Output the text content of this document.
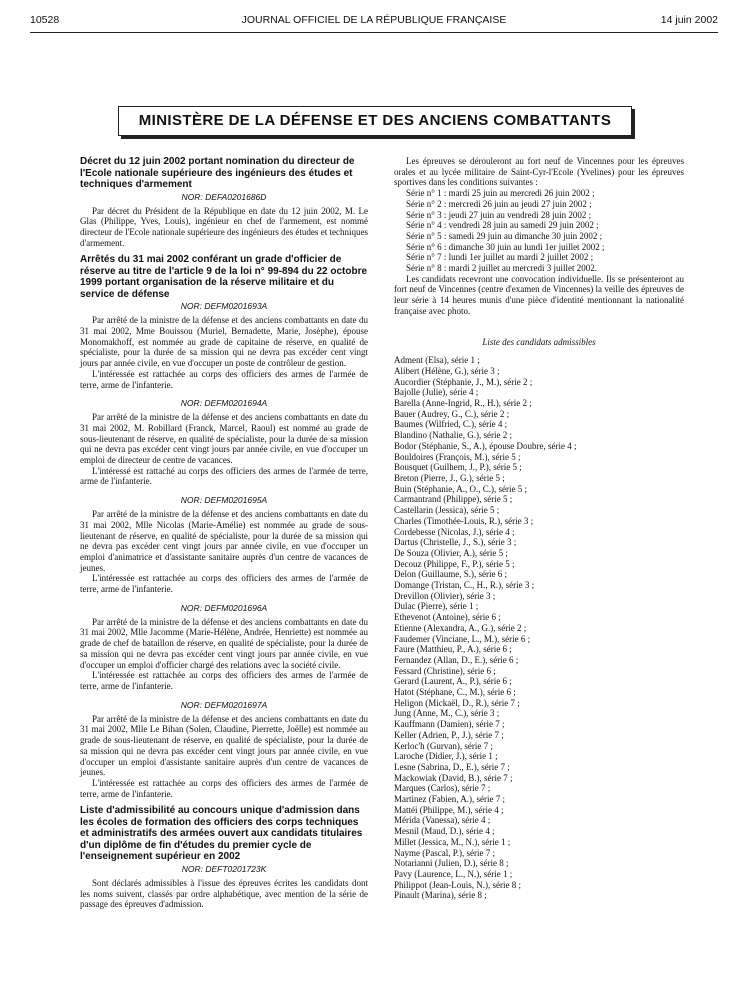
10528	JOURNAL OFFICIEL DE LA RÉPUBLIQUE FRANÇAISE	14 juin 2002
MINISTÈRE DE LA DÉFENSE ET DES ANCIENS COMBATTANTS
Décret du 12 juin 2002 portant nomination du directeur de l'Ecole nationale supérieure des ingénieurs des études et techniques d'armement
NOR: DEFA0201686D

Par décret du Président de la République en date du 12 juin 2002, M. Le Glas (Philippe, Yves, Louis), ingénieur en chef de l'armement, est nommé directeur de l'Ecole nationale supérieure des ingénieurs des études et techniques d'armement.

Arrêtés du 31 mai 2002 conférant un grade d'officier de réserve au titre de l'article 9 de la loi n° 99-894 du 22 octobre 1999 portant organisation de la réserve militaire et du service de défense
NOR: DEFM0201693A

Par arrêté de la ministre de la défense et des anciens combattants en date du 31 mai 2002, Mme Bouissou (Muriel, Bernadette, Marie, Josèphe), épouse Monomakhoff, est nommée au grade de capitaine de réserve, en qualité de spécialiste, pour la durée de sa mission qui ne devra pas excéder cent vingt jours par année civile, en vue d'occuper un poste de contrôleur de gestion.

L'intéressée est rattachée au corps des officiers des armes de l'armée de terre, arme de l'infanterie.

NOR: DEFM0201694A

Par arrêté de la ministre de la défense et des anciens combattants en date du 31 mai 2002, M. Robillard (Franck, Marcel, Raoul) est nommé au grade de sous-lieutenant de réserve, en qualité de spécialiste, pour la durée de sa mission qui ne devra pas excéder cent vingt jours par année civile, en vue d'occuper un emploi de directeur de centre de vacances.

L'intéressé est rattaché au corps des officiers des armes de l'armée de terre, arme de l'infanterie.

NOR: DEFM0201695A

Par arrêté de la ministre de la défense et des anciens combattants en date du 31 mai 2002, Mlle Nicolas (Marie-Amélie) est nommée au grade de sous-lieutenant de réserve, en qualité de spécialiste, pour la durée de sa mission qui ne devra pas excéder cent vingt jours par année civile, en vue d'occuper un emploi d'animatrice et d'assistante sanitaire auprès d'un centre de vacances de jeunes.

L'intéressée est rattachée au corps des officiers des armes de l'armée de terre, arme de l'infanterie.

NOR: DEFM0201696A

Par arrêté de la ministre de la défense et des anciens combattants en date du 31 mai 2002, Mlle Jacomme (Marie-Hélène, Andrée, Henriette) est nommée au grade de chef de bataillon de réserve, en qualité de spécialiste, pour la durée de sa mission qui ne devra pas excéder cent vingt jours par année civile, en vue d'occuper un emploi d'officier chargé des relations avec la société civile.

L'intéressée est rattachée au corps des officiers des armes de l'armée de terre, arme de l'infanterie.

NOR: DEFM0201697A

Par arrêté de la ministre de la défense et des anciens combattants en date du 31 mai 2002, Mlle Le Bihan (Solen, Claudine, Pierrette, Joëlle) est nommée au grade de sous-lieutenant de réserve, en qualité de spécialiste, pour la durée de sa mission qui ne devra pas excéder cent vingt jours par année civile, en vue d'occuper un emploi d'assistante sanitaire auprès d'un centre de vacances de jeunes.

L'intéressée est rattachée au corps des officiers des armes de l'armée de terre, arme de l'infanterie.

Liste d'admissibilité au concours unique d'admission dans les écoles de formation des officiers des corps techniques et administratifs des armées ouvert aux candidats titulaires d'un diplôme de fin d'études du premier cycle de l'enseignement supérieur en 2002
NOR: DEFT0201723K

Sont déclarés admissibles à l'issue des épreuves écrites les candidats dont les noms suivent, classés par ordre alphabétique, avec mention de la série de passage des épreuves d'admission.

Les épreuves se dérouleront au fort neuf de Vincennes pour les épreuves orales et au lycée militaire de Saint-Cyr-l'Ecole (Yvelines) pour les épreuves sportives dans les conditions suivantes :

Série n° 1 : mardi 25 juin au mercredi 26 juin 2002 ;

Série n° 2 : mercredi 26 juin au jeudi 27 juin 2002 ;

Série n° 3 : jeudi 27 juin au vendredi 28 juin 2002 ;

Série n° 4 : vendredi 28 juin au samedi 29 juin 2002 ;

Série n° 5 : samedi 29 juin au dimanche 30 juin 2002 ;

Série n° 6 : dimanche 30 juin au lundi 1er juillet 2002 ;

Série n° 7 : lundi 1er juillet au mardi 2 juillet 2002 ;

Série n° 8 : mardi 2 juillet au mercredi 3 juillet 2002.

Les candidats recevront une convocation individuelle. Ils se présenteront au fort neuf de Vincennes (centre d'examen de Vincennes) la veille des épreuves de leur série à 14 heures munis d'une pièce d'identité mentionnant la nationalité française avec photo.

Liste des candidats admissibles
Adment (Elsa), série 1 ;
Alibert (Hélène, G.), série 3 ;
Aucordier (Stéphanie, J., M.), série 2 ;
Bajolle (Julie), série 4 ;
Barella (Anne-Ingrid, R., H.), série 2 ;
Bauer (Audrey, G., C.), série 2 ;
Baumes (Wilfried, C.), série 4 ;
Blandino (Nathalie, G.), série 2 ;
Bodor (Stéphanie, S., A.), épouse Doubre, série 4 ;
Bouldoires (François, M.), série 5 ;
Bousquet (Guilhem, J., P.), série 5 ;
Breton (Pierre, J., G.), série 5 ;
Buin (Stéphanie, A., O., C.), série 5 ;
Carmantrand (Philippe), série 5 ;
Castellarin (Jessica), série 5 ;
Charles (Timothée-Louis, R.), série 3 ;
Cordebesse (Nicolas, J.), série 4 ;
Dartus (Christelle, J., S.), série 3 ;
De Souza (Olivier, A.), série 5 ;
Decouz (Philippe, F., P.), série 5 ;
Delon (Guillaume, S.), série 6 ;
Domange (Tristan, C., H., R.), série 3 ;
Drevillon (Olivier), série 3 ;
Dulac (Pierre), série 1 ;
Ethevenot (Antoine), série 6 ;
Etienne (Alexandra, A., G.), série 2 ;
Faudemer (Vinciane, L., M.), série 6 ;
Faure (Matthieu, P., A.), série 6 ;
Fernandez (Allan, D., E.), série 6 ;
Fessard (Christine), série 6 ;
Gerard (Laurent, A., P.), série 6 ;
Hatot (Stéphane, C., M.), série 6 ;
Heligon (Mickaël, D., R.), série 7 ;
Jung (Anne, M., C.), série 3 ;
Kauffmann (Damien), série 7 ;
Keller (Adrien, P., J.), série 7 ;
Kerloc'h (Gurvan), série 7 ;
Laroche (Didier, J.), série 1 ;
Lesne (Sabrina, D., E.), série 7 ;
Mackowiak (David, B.), série 7 ;
Marques (Carlos), série 7 ;
Martinez (Fabien, A.), série 7 ;
Mattéi (Philippe, M.), série 4 ;
Mérida (Vanessa), série 4 ;
Mesnil (Maud, D.), série 4 ;
Millet (Jessica, M., N.), série 1 ;
Nayme (Pascal, P.), série 7 ;
Notarianni (Julien, D.), série 8 ;
Pavy (Laurence, L., N.), série 1 ;
Philippot (Jean-Louis, N.), série 8 ;
Pinault (Marina), série 8 ;
